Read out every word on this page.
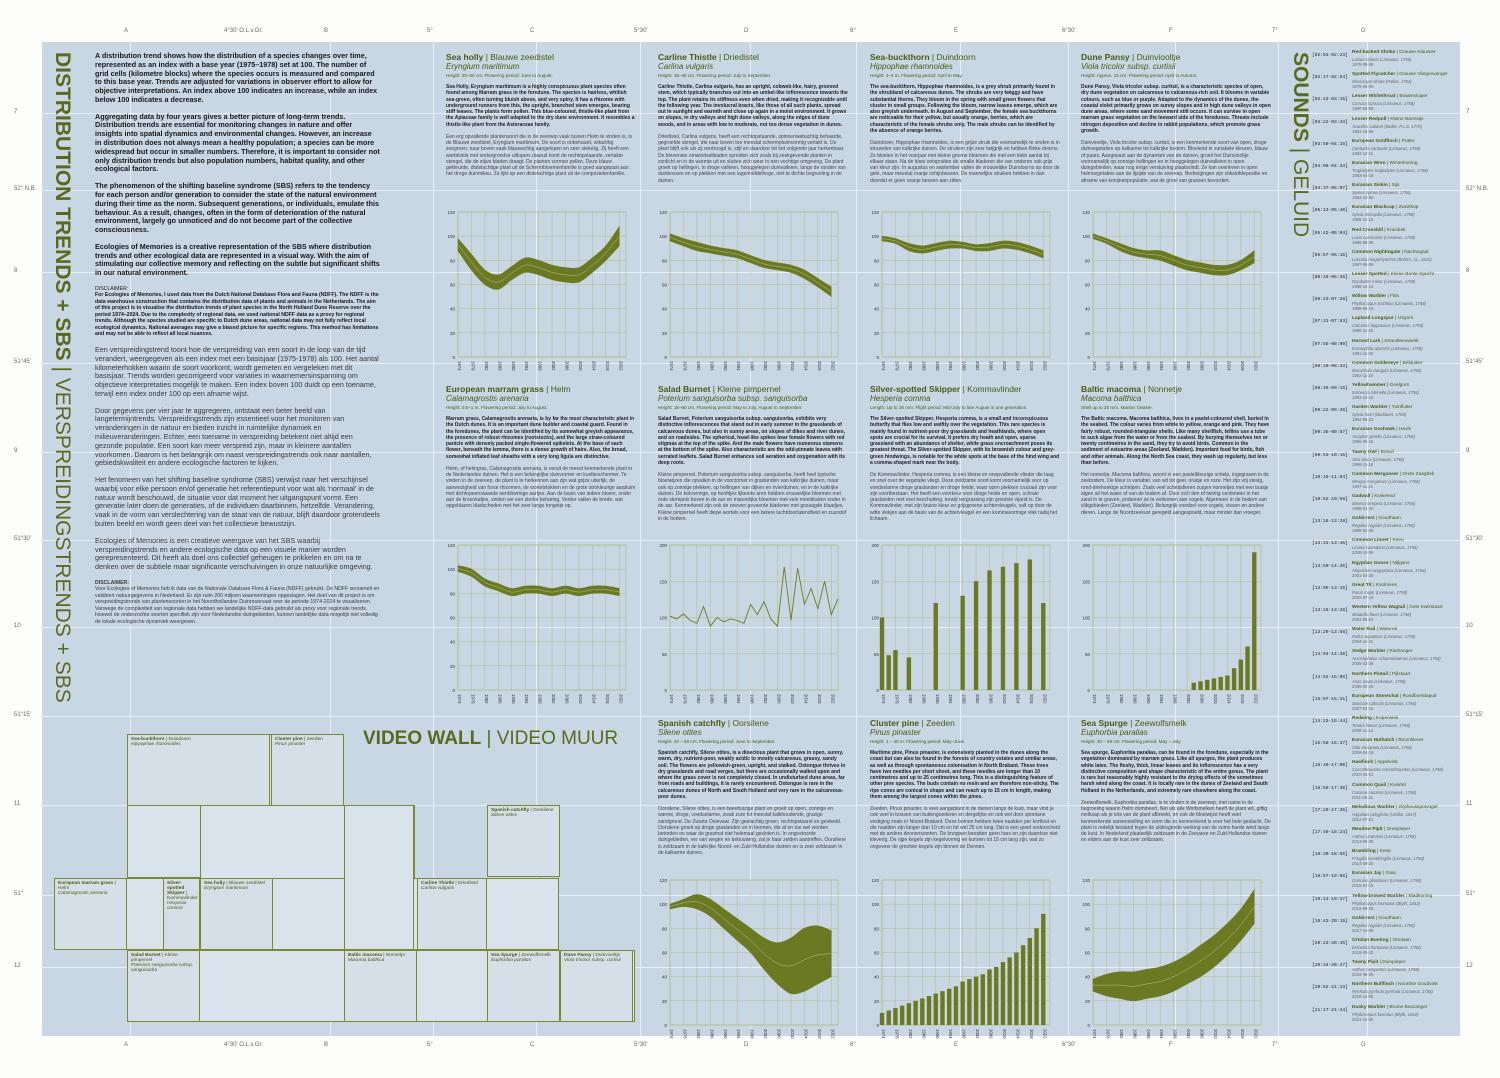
A	4°30' O.L.v.Gr.	B	5°	C	5°30'	D	6°	E	6°30'	F	7°	G
A	4°30' O.L.v.Gr.	B	5°	C	5°30'	D	6°	E	6°30'	F	7°	G
7	7
52° N.B.	52° N.B.
8	8
51°45'	51°45'
9	9
51°30'	51°30'
10	10
51°15'	51°15'
11	11
51°	51°
12	12
DISTRIBUTION TRENDS + SBS | VERSPREIDINGSTRENDS + SBS

A distribution trend shows how the distribution of a species changes over time, represented as an index with a base year (1975–1978) set at 100. The number of grid cells (kilometre blocks) where the species occurs is measured and compared to this base year. Trends are adjusted for variations in observer effort to allow for objective interpretations. An index above 100 indicates an increase, while an index below 100 indicates a decrease.

Aggregating data by four years gives a better picture of long-term trends. Distribution trends are essential for monitoring changes in nature and offer insights into spatial dynamics and environmental changes. However, an increase in distribution does not always mean a healthy population; a species can be more widespread but occur in smaller numbers. Therefore, it is important to consider not only distribution trends but also population numbers, habitat quality, and other ecological factors.

The phenomenon of the shifting baseline syndrome (SBS) refers to the tendency for each person and/or generation to consider the state of the natural environment during their time as the norm. Subsequent generations, or individuals, emulate this behaviour. As a result, changes, often in the form of deterioration of the natural environment, largely go unnoticed and do not become part of the collective consciousness.

Ecologies of Memories is a creative representation of the SBS where distribution trends and other ecological data are represented in a visual way. With the aim of stimulating our collective memory and reflecting on the subtle but significant shifts in our natural environment.

DISCLAIMER:
For Ecologies of Memories, I used data from the Dutch National Database Flora and Fauna (NDFF). The NDFF is the data warehouse construction that contains the distribution data of plants and animals in the Netherlands. The aim of this project is to visualise the distribution trends of plant species in the North Holland Dune Reserve over the period 1974–2024. Due to the complexity of regional data, we used national NDFF data as a proxy for regional trends. Although the species studied are specific to Dutch dune areas, national data may not fully reflect local ecological dynamics. National averages may give a biased picture for specific regions. This method has limitations and may not be able to reflect all local nuances.

Een verspreidingstrend toont hoe de verspreiding van een soort in de loop van de tijd verandert, weergegeven als een index met een basisjaar (1975-1978) als 100. Het aantal kilometerhokken waarin de soort voorkomt, wordt gemeten en vergeleken met dit basisjaar. Trends worden gecorrigeerd voor variaties in waarnemersinspanning om objectieve interpretaties mogelijk te maken. Een index boven 100 duidt op een toename, terwijl een index onder 100 op een afname wijst.

Door gegevens per vier jaar te aggregeren, ontstaat een beter beeld van langetermijntrends. Verspreidingstrends zijn essentieel voor het monitoren van veranderingen in de natuur en bieden inzicht in ruimtelijke dynamiek en milieuveranderingen. Echter, een toename in verspreiding betekent niet altijd een gezonde populatie. Een soort kan meer verspreid zijn, maar in kleinere aantallen voorkomen. Daarom is het belangrijk om naast verspreidingstrends ook naar aantallen, gebiedskwaliteit en andere ecologische factoren te kijken.

Het fenomeen van het shifting baseline syndrome (SBS) verwijst naar het verschijnsel waarbij voor elke persoon en/of generatie het referentiepunt voor wat als 'normaal' in de natuur wordt beschouwd, de situatie voor dat moment het uitgangspunt vormt. Een generatie later doen de generaties, of de individuen daarbinnen, hetzelfde. Verandering, vaak in de vorm van verslechtering van de staat van de natuur, blijft daardoor grotendeels buiten beeld en wordt geen deel van het collectieve bewustzijn.

Ecologies of Memories is een creatieve weergave van het SBS waarbij verspreidingstrends en andere ecologische data op een visuele manier worden gerepresenteerd. Dit heeft als doel ons collectief geheugen te prikkelen en om na te denken over de subtiele maar significante verschuivingen in onze natuurlijke omgeving.

DISCLAIMER:
Voor Ecologies of Memories heb ik data van de Nationale Database Flora & Fauna (NDFF) gebruikt. De NDFF verzamelt en valideert natuurgegevens in Nederland. Er zijn ruim 200 miljoen waarnemingen opgeslagen. Het doel van dit project is om verspreidingstrends van plantensoorten in het Noordhollandse Duinreservaat over de periode 1974-2024 te visualiseren. Vanwege de complexiteit van regionale data hebben we landelijke NDFF-data gebruikt als proxy voor regionale trends. Hoewel de onderzochte soorten specifiek zijn voor Nederlandse duingebieden, kunnen landelijke data mogelijk niet volledig de lokale ecologische dynamiek weergeven.

Sea holly | Blauwe zeedistel
Eryngium maritimum
Height: 20–60 cm. Flowering period: June to August.
Sea Holly, Eryngium maritimum is a highly conspicuous plant species often found among Marram grass in the foredune. The species is hairless, whitish sea-green, often turning bluish above, and very spiny. It has a rhizome with underground runners from this, the upright, branched stem emerges, bearing stiff leaves. The plants form pollen. This blue-coloured, thistle-like plant from the Apiaceae family is well adapted to the dry dune environment. It resembles a thistle-like plant from the Asteraceae family.
Een erg opvallende plantensoort die in de zeereep vaak tussen Helm te vinden is, is de Blauwe zeedistel, Eryngium maritimum. De soort is onbehaard, witachtig zeegroen, naar boven vaak blauwachtig aangelopen en zeer stekelig. Zij heeft een wortelstok met ondergrondse uitlopers daaruit komt de rechtopstaande, vertakte stengel, die de stijve bladen draagt. De planten vormen pollen. Deze blauw gekleurde, distelachtige plant uit de Schermbloemenfamilie is goed aangepast aan het droge duinmilieu. Ze lijkt op een distelachtige plant uit de composietenfamilie.
Carline Thistle | Driedistel
Carlina vulgaris
Height: 15–45 cm. Flowering period: July to September.
Carline Thistle, Carlina vulgaris, has an upright, cobweb-like, hairy, grooved stem, which typically branches out into an umbel-like inflorescence towards the top. The plant retains its stiffness even when dried, making it recognizable until the following year. The involucral bracts, like those of all such plants, spread out in sunlight and warmth and close up again in a moist environment. It grows on slopes, in dry valleys and high dune valleys, along the edges of dune woods, and in areas with low to moderate, not too dense vegetation in dunes.
Driedistel, Carlina vulgaris, heeft een rechtopstaande, spinnenwebachtig behaarde, gegroefde stengel, die naar boven toe meestal schermpluimvormig vertakt is. De plant blijft ook als zij verdroogd is, stijf en daardoor tot het volgende jaar herkenbaar. De binnenste omwindselbladen spreiden zich zoals bij zeekgevende planten in zonlicht en in de warmte uit en sluiten zich weer in een vochtige omgeving. De plant groeit op hellingen, in droge valleien, hooggelegen duinvalleien, langs de randen van duinbossen en op plekken met een lage/middelhoge, niet te dichte begroeiing in de duinen.
Sea-buckthorn | Duindoorn
Hippophae rhamnoides
Height: 1–4 m. Flowering period: April to May.
The sea-buckthorn, Hippophae rhamnoides, is a grey shrub primarily found in the shrubland of calcareous dunes. The shrubs are very twiggy and have substantial thorns. They bloom in the spring with small green flowers that cluster in small groups. Following the bloom, narrow leaves emerge, which are also greyish underneath. In August and September, the female sea buckthorns are noticeable for their yellow, but usually orange, berries, which are characteristic of the female shrubs only. The male shrubs can be identified by the absence of orange berries.
Duindoorn, Hippophae rhamnoides, is een grijze struik die voornamelijk te vinden is in struwelen van kalkrijke duinen. De struiken zijn zeer twijgrijk en hebben flinke doorns. Ze bloeien in het voorjaar met kleine groene bloemen die met een klein aantal bij elkaar staan. Na de bloei ontspruiten de smalle bladeren die van onderen ook grijs van kleur zijn. In augustus en september vallen de vrouwelijke Duindoorns op door de gele, maar meestal oranje schijnbessen. De mannelijke struiken hebben in dan doordat er geen oranje bessen aan zitten.
Dune Pansy | Duinviooltje
Viola tricolor subsp. curtisii
Height: Approx. 15 cm. Flowering period: April to Autumn.
Dune Pansy, Viola tricolor subsp. curtisii, is a characteristic species of open, dry dune vegetation on calcareous to calcareous-rich soil. It blooms in variable colours, such as blue or purple. Adapted to the dynamics of the dunes, the coastal violet primarily grows on sunny slopes and in high dune valleys in open dune areas, where some sand movement still occurs. It can survive in open marram grass vegetation on the leeward side of the foredunes. Threats include nitrogen deposition and decline in rabbit populations, which promote grass growth.
Duinviooltje, Viola tricolor subsp. curtisii, is een kenmerkende soort van open, droge duinvegetaties op kalkarme tot kalkrijke bodem. Bloeiend in variabele kleuren, blauw of paars. Aangepast aan de dynamiek van de duinen, groeit het Duinviooltje voornamelijk op zonnige hellingen en in hooggelegen duinvalleien in open duingebieden, waar nog enige verstuiving plaatsvindt. Ze kan overleven in open helmvegetaties aan de lijzijde van de zeereep. Bedreigingen zijn stikstofdepositie en afname van konijnenpopulatie, wat de groei van grassen bevordert.
European marram grass | Helm
Calamagrostis arenaria
Height: 0.5–1 m. Flowering period: July to August.
Marram grass, Calamagrostis arenaria, is by far the most characteristic plant in the Dutch dunes. It is an important dune builder and coastal guard. Found in the foredunes, the plant can be identified by its somewhat greyish appearance, the presence of robust rhizomes (rootstocks), and the large straw-coloured panicle with densely packed single-flowered spikelets. At the base of each flower, beneath the lemma, there is a dense growth of hairs. Also, the broad, somewhat inflated leaf sheaths with a very long ligula are distinctive.
Helm, of helmgras, Calamagrostis arenaria, is veruit de meest kenmerkende plant in de Nederlandse duinen. Het is een belangrijke duinvormer en kustbeschermer. Te vinden in de zeereep, de plant is te herkennen aan zijn wat grijze uiterlijk, de aanwezigheid van forse rhizomen, de wortelstokken en de grote strokleurige aarpluim met dichtopeenstaande eenbloemige aartjes. Aan de basis van iedere bloem, onder aan de kroonkafjes, vinden we een sterke beharing. Verder vallen de brede, wat opgeblazen bladscheden met het zeer lange tongetje op.
Salad Burnet | Kleine pimpernel
Poterium sanguisorba subsp. sanguisorba
Height: 15–60 cm. Flowering period: May to July, August to September.
Salad Burnet, Poterium sanguisorba subsp. sanguisorba, exhibits very distinctive inflorescences that stand out in early summer in the grasslands of calcareous dunes, but also in sunny areas, on slopes of dikes and river dunes, and on roadsides. The spherical, head-like spikes bear female flowers with red stigmas at the top of the spike. And the male flowers have numerous stamens at the bottom of the spike. Also characteristic are the odd-pinnate leaves with serrated leaflets. Salad Burnet enhances soil aeration and oxygenation with its deep roots.
Kleine pimpernel, Poterium sanguisorba subsp. sanguisorba, heeft heel typische bloeiwijzen die opvallen in de voorzomer in graslanden van kalkrijke duinen, maar ook op zonnige plekken, op hellingen van dijken en rivierduinen, en in de kalkrijke duinen. De bolvormige, op hoofdjes lijkende aren hebben vrouwelijke bloemen met rode stempels boven in de aar en mannelijke bloemen met vele meeldraden onder in de aar. Kenmerkend zijn ook de oneven geveerde bladeren met gezaagde blaadjes. Kleine pimpernel heeft diepe wortels voor een betere luchtdoorlatendheid en zuurstof in de bodem.
Silver-spotted Skipper | Kommavlinder
Hesperia comma
Length: Up to 26 mm. Flight period: Mid-July to late August in one generation.
The Silver-spotted Skipper, Hesperia comma, is a small and inconspicuous butterfly that flies low and swiftly over the vegetation. This rare species is mainly found in nutrient-poor dry grasslands and heathlands, where open spots are crucial for its survival. It prefers dry heath and open, sparse grassland with an abundance of shelter, while grass encroachment poses its greatest threat. The Silver-spotted Skipper, with its brownish colour and grey-green hindwings, is notable for the white spots at the base of the hind wing and a comma-shaped mark near the body.
De Kommavlinder, Hesperia comma, is een kleine en onopvallende vlinder die laag en snel over de vegetatie vliegt. Deze zeldzame soort komt voornamelijk voor op voedselarme droge graslanden en droge heide, waar open plekken cruciaal zijn voor zijn voortbestaan. Het heeft een voorkeur voor droge heide en open, schrale graslanden met veel beschutting, terwijl vergrassing zijn grootste vijand is. De Kommavlinder, met zijn bruine kleur en grijsgroene achtervleugels, valt op door de witte vlekjes aan de basis van de achtervleugel en een kommavormige vlek nabij het lichaam.
Baltic macoma | Nonnetje
Macoma balthica
Shell up to 25 mm. Marine: bivalve.
The Baltic macoma, Macoma balthica, lives in a pastel-coloured shell, buried in the seabed. The colour varies from white to yellow, orange and pink. They have fairly robust, rounded-triangular shells. Like many shellfish, tellins use a tube to suck algae from the water or from the seabed. By burying themselves ten or twenty centimetres in the sand, they try to avoid birds. Common in the sediment of estuarine areas (Zeeland, Wadden). Important food for birds, fish and other animals. Along the North Sea coast, they wash up regularly, but less than before.
Het nonnetje, Macoma balthica, woont in een pastelkleurige schelp, ingegraven in de zeebodem. De kleur is variabel, van wit tot geel, oranje en roze. Het zijn vrij stevig, rond-driehoekige schelpen. Zoals veel schelpdieren zuigen nonnetjes met een buisje algen uit het water of van de bodem af. Door zich tien of twintig centimeter in het zand in te graven, proberen ze te ontkomen aan vogels. Algemeen in de bodem van slikgebieden (Zeeland, Wadden). Belangrijk voedsel voor vogels, vissen en andere dieren. Langs de Noordzeekust geregeld aangespoeld, maar minder dan vroeger.
Spanish catchfly | Oorsilene
Silene otites
Height: 20 – 60 cm. Flowering period: June to September.
Spanish catchfly, Silene otites, is a dioecious plant that grows in open, sunny, warm, dry, nutrient-poor, weakly acidic to mostly calcareous, grassy, sandy soil. The flowers are yellowish-green, upright, and stalked. Oxtongue thrives in dry grasslands and road verges, but there are occasionally walked upon and where the grass cover is not completely closed. In undisturbed dune areas, far from roads and buildings, it is rarely encountered. Oxtongue is rare in the calcareous dunes of North and South Holland and very rare in the calcareous-poor dunes.
Oorsilene, Silene otites, is een tweehuizige plant en groeit op open, zonnige en warme, droge, voedselarme, zwak zure tot meestal kalkhoudende, grazige zandgrond. De Zwarte Ooievaar. Zijn geelachtig groen, rechtopstaand en gesteeld. Oorsilene groeit op droge graslanden en in bermen, die af en toe wel worden betreden en waar de grasmat niet helemaal gesloten is. In ongestoorde duingebieden, ver van wegen en bebouwing, zal je haar zelden aantreffen. Oorsilene is zeldzaam in de kalkrijke Noord- en Zuid-Hollandse duinen en is zeer zeldzaam in de kalkarme duinen.
Cluster pine | Zeeden
Pinus pinaster
Height: 1 – 40 m. Flowering period: May–June.
Maritime pine, Pinus pinaster, is extensively planted in the dunes along the coast but can also be found in the forests of country estates and similar areas, as well as through spontaneous colonisation in North Brabant. These trees have two needles per short shoot, and these needles are longer than 10 centimetres and up to 25 centimetres long. This is a distinguishing feature of other pine species. The buds contain no resin and are therefore non-sticky. The ripe cones are conical in shape and can reach up to 15 cm in length, making them among the largest cones within the pines.
Zeeden, Pinus pinaster, is veel aangeplant in de duinen langs de kust, maar vind je ook veel in bossen van buitengoederen en dergelijke en ook wel door spontane vestiging zoals in Noord-Brabant. Deze bomen hebben twee naalden per kortloot en die naalden zijn langer dan 10 cm en tot wel 25 cm lang. Dat is een goed onderscheid met de andere dennensoorten. De knoppen bevatten geen hars en zijn daardoor niet kleverig. De rijpe kegels zijn kegelvormig en kunnen tot 15 cm lang zijn, wat zo ongeveer de grootste kegels zijn binnen de Dennen.
Sea Spurge | Zeewolfsmelk
Euphorbia paralias
Height: 20 – 50 cm. Flowering period: May – July.
Sea spurge, Euphorbia paralias, can be found in the foredune, especially in the vegetation dominated by marram grass. Like all spurges, the plant produces white latex. The fleshy, thick, linear leaves and its inflorescence has a very distinctive composition and shape characteristic of the entire genus. The plant is rare but reasonably highly resistant to the drying effects of the sometimes harsh wind along the coast. It is locally rare in the dunes of Zeeland and South Holland in the Netherlands, and extremely rare elsewhere along the coast.
Zeewolfsmelk, Euphorbia paralias, is te vinden in de zeereep, met name in de begroeiing waarin Helm domineert. Net als alle Wolfsmelken heeft de plant wit, giftig melksap als je iets van de plant afbreekt, en ook de bloeiwijze heeft veel kenmerkende samenstelling en vorm die zo kenmerkend is voor het hele geslacht. De plant is redelijk bestand tegen de uitdrogende werking van de soms harde wind langs de kust. In Nederland plaatselijk zeldzaam in de Zeeuwse en Zuid-Hollandse duinen en elders aan de kust zeer zeldzaam.
0
20
40
60
80
100
120
1974 1978 1982 1986 1990 1994 1998 2002 2006 2010 2014 2018 2022
0
20
40
60
80
100
120
1974 1978 1982 1986 1990 1994 1998 2002 2006 2010 2014 2018 2022
0
20
40
60
80
100
120
1974 1978 1982 1986 1990 1994 1998 2002 2006 2010 2014 2018 2022
0
20
40
60
80
100
120
1974 1978 1982 1986 1990 1994 1998 2002 2006 2010 2014 2018 2022
0
20
40
60
80
100
120
1974 1978 1982 1986 1990 1994 1998 2002 2006 2010 2014 2018 2022
0
50
100
150
200
1974 1978 1982 1986 1990 1994 1998 2002 2006 2010 2014 2018 2022
0
50
100
150
200
1974 1978 1982 1986 1990 1994 1998 2002 2006 2010 2014 2018 2022
0
50
100
150
200
1974 1978 1982 1986 1990 1994 1998 2002 2006 2010 2014 2018 2022
0
20
40
60
80
100
120
1974 1978 1982 1986 1990 1994 1998 2002 2006 2010 2014 2018 2022
0
20
40
60
80
100
120
1974 1978 1982 1986 1990 1994 1998 2002 2006 2010 2014 2018 2022
0
20
40
60
80
100
120
1974 1978 1982 1986 1990 1994 1998 2002 2006 2010 2014 2018 2022
VIDEO WALL | VIDEO MUUR
Sea-buckthorn | Duindoorn
Hippophae rhamnoides
Cluster pine | Zeeden
Pinus pinaster
Spanish catchfly | Oorsilene
Silene otites
European marram grass | Helm
Calamagrostis arenaria
Silver-spotted Skipper | Kommavlinder
Hesperia comma
Sea holly | Blauwe zeedistel
Eryngium maritimum
Carline Thistle | Driedistel
Carlina vulgaris
Salad Burnet | Kleine pimpernel
Poterium sanguisorba subsp. sanguisorba
Baltic macoma | Nonnetje
Macoma balthica
Sea Spurge | Zeewolfsmelk
Euphorbia paralias
Dune Pansy | Duinviooltje
Viola tricolor subsp. curtisii
SOUNDS | GELUID
[02:01-02:23]
Red-backed Shrike | Grauwe Klauwier
Lanius collurio (Linnaeus, 1758)
1978-08-08
[02:17-02:54]
Spotted Flycatcher | Grauwe Vliegenvanger
Muscicapa striata (Pallas, 1764)
1979-06-05
[02:43-03:15]
Lesser Whitethroat | Braamsluiper
Curruca curruca (Linnaeus, 1758)
1980-06-05
[03:22-03:43]
Lesser Redpoll | Kleine Barmsijs
Acanthis cabaret (Müller, P.L.S. 1776)
1981-10-06
[03:50-04:15]
European Goldfinch | Putter
Carduelis carduelis (Linnaeus, 1758)
1982-12-11
[04:08-04:33]
Eurasian Wren | Winterkoning
Troglodytes troglodytes (Linnaeus, 1758)
1983-04-18
[04:37-05:07]
Eurasian Siskin | Sijs
Spinus spinus (Linnaeus, 1758)
1984-10-03
[05:13-05:40]
Eurasian Blackcap | Zwartkop
Sylvia atricapilla (Linnaeus, 1758)
1985-11-15
[05:42-06:04]
Red Crossbill | Kruisbek
Loxia curvirostra (Linnaeus, 1758)
1986-08-06
[05:57-06:16]
Common Nightingale | Nachtegaal
Luscinia megarhynchos (Brehm, CL, 1831)
1987-05-09
[06:16-06:35]
Lesser Spotted | Kleine Bonte Specht
Dryobates minor (Linnaeus, 1758)
1988-10-13
[06:23-07:28]
Willow Warbler | Fitis
Phylloscopus trochilus (Linnaeus, 1758)
1989-05-18
[07:31-07:53]
Lapland Longspur | IJsgors
Calcarius lapponicus (Linnaeus, 1758)
1990-11-20
[07:55-08:09]
Horned Lark | Strandleeuwerik
Eremophila alpestris (Linnaeus, 1758)
1991-11-03
[08:10-08:33]
Common Goldeneye | Brilduiker
Bucephala clangula (Linnaeus, 1758)
1992-11-24
[08:46-09:16]
Yellowhammer | Geelgors
Emberiza citrinella (Linnaeus, 1758)
1993-10-15
[09:22-09:38]
Garden Warbler | Tuinfluiter
Sylvia borin (Boddaert, 1783)
1994-05-22
[09:35-09:57]
Eurasian Goshawk | Havik
Accipiter gentilis (Linnaeus, 1758)
1995-05-16
[09:53-10:15]
Tawny Owl | Bosuil
Strix aluco (Linnaeus, 1758)
1996-11-18
[10:19-11:04]
Common Merganser | Grote Zaagbek
Mergus merganser (Linnaeus, 1758)
1997-11-21
[10:52-10:58]
Gadwall | Krakeend
Mareca strepera (Linnaeus, 1758)
1998-01-10
[13:16-13:28]
Goldcrest | Goudhaan
Regulus regulus (Linnaeus, 1758)
1999-02-28
[13:31-13:46]
Common Linnet | Kneu
Linaria cannabina (Linnaeus, 1758)
2000-10-06
[13:50-14:45]
Egyptian Goose | Nijlgans
Alopochen aegyptiaca (Linnaeus, 1766)
2001-04-20
[13:05-13:15]
Great Tit | Koolmees
Parus major (Linnaeus, 1758)
2002-07-19
[13:18-13:28]
Western Yellow Wagtail | Gele Kwikstaart
Motacilla flava (Linnaeus, 1758)
2003-05-04
[13:29-13:58]
Water Rail | Waterral
Rallus aquaticus (Linnaeus, 1758)
2004-11-21
[14:04-14:38]
Sedge Warbler | Rietzanger
Acrocephalus schoenobaenus (Linnaeus, 1758)
2005-03-28
[14:52-15:08]
Northern Pintail | Pijlstaart
Anas acuta (Linnaeus, 1758)
2006-02-20
[15:07-15:31]
European Stonechat | Roodborsttapuit
Saxicola rubicola (Linnaeus, 1766)
2007-03-15
[14:23-15:44]
Redwing | Koperwiek
Turdus iliacus (Linnaeus, 1758)
2008-11-14
[15:58-16:37]
Eurasian Nuthatch | Boomklever
Sitta europaea (Linnaeus, 1758)
2009-04-18
[16:40-17:00]
Hawfinch | Appelvink
Coccothraustes coccothraustes (Linnaeus, 1758)
2010-03-01
[16:58-17:30]
Common Quail | Kwartel
Coturnix coturnix (Linnaeus, 1758)
2011-05-31
[17:20-17:36]
Melodious Warbler | Orpheusspotvogel
Hippolais polyglotta (Vieillot, 1817)
2012-07-01
[17:40-18:24]
Meadow Pipit | Graspieper
Anthus pratensis (Linnaeus, 1758)
2013-08-28
[18:30-18:55]
Brambling | Keep
Fringilla montifringilla (Linnaeus, 1758)
2014-09-20
[18:57-19:08]
Eurasian Jay | Gaai
Garrulus glandarius (Linnaeus, 1758)
2015-03-15
[19:13-19:37]
Yellow-browed Warbler | Bladkoning
Phylloscopus inornatus (Blyth, 1842)
2016-09-26
[19:43-20:15]
Goldcrest | Goudhaan
Regulus regulus (Linnaeus, 1758)
2017-10-05
[20:23-20:35]
Ortolan Bunting | Ortolaan
Emberiza hortulana (Linnaeus, 1758)
2018-09-22
[20:34-20:47]
Tawny Pipit | Duinpieper
Anthus campestris (Linnaeus, 1758)
2019-08-26
[20:52-21:13]
Northern Bullfinch | Noordse Goudvink
Pyrrhula pyrrhula pyrrhula (Linnaeus, 1758)
2020-11-05
[21:17-21:44]
Dusky Warbler | Bruine Boszanger
Phylloscopus fuscatus (Blyth, 1842)
2021-11-05
